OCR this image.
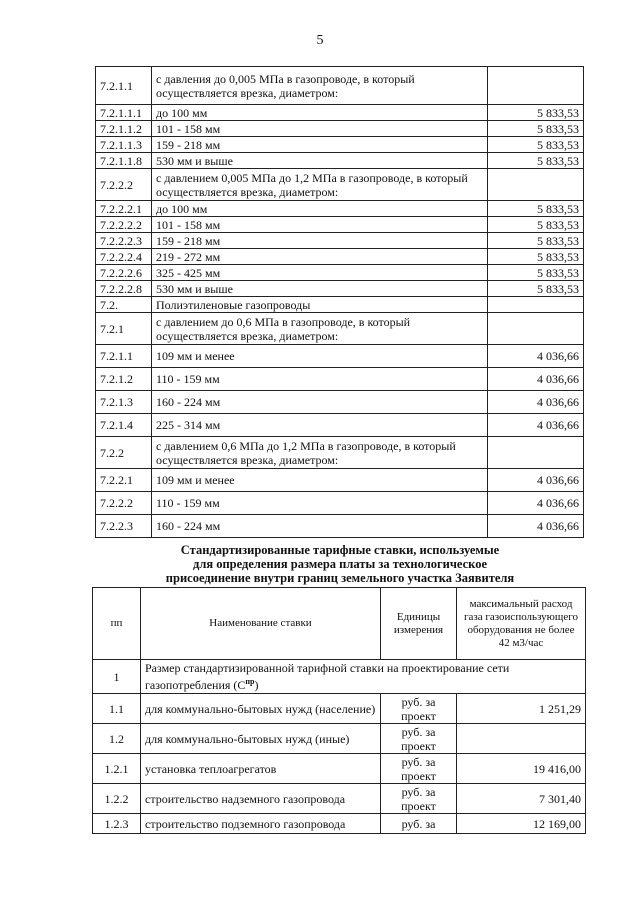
5
7.2.1.1	с давления до 0,005 МПа в газопроводе, в который осуществляется врезка, диаметром:	
7.2.1.1.1	до 100 мм	5 833,53
7.2.1.1.2	101 - 158 мм	5 833,53
7.2.1.1.3	159 - 218 мм	5 833,53
7.2.1.1.8	530 мм и выше	5 833,53
7.2.2.2	с давлением 0,005 МПа до 1,2 МПа в газопроводе, в который осуществляется врезка, диаметром:	
7.2.2.2.1	до 100 мм	5 833,53
7.2.2.2.2	101 - 158 мм	5 833,53
7.2.2.2.3	159 - 218 мм	5 833,53
7.2.2.2.4	219 - 272 мм	5 833,53
7.2.2.2.6	325 - 425 мм	5 833,53
7.2.2.2.8	530 мм и выше	5 833,53
7.2.	Полиэтиленовые газопроводы	
7.2.1	с давлением до 0,6 МПа в газопроводе, в который осуществляется врезка, диаметром:	
7.2.1.1	109 мм и менее	4 036,66
7.2.1.2	110 - 159 мм	4 036,66
7.2.1.3	160 - 224 мм	4 036,66
7.2.1.4	225 - 314 мм	4 036,66
7.2.2	с давлением 0,6 МПа до 1,2 МПа в газопроводе, в который осуществляется врезка, диаметром:	
7.2.2.1	109 мм и менее	4 036,66
7.2.2.2	110 - 159 мм	4 036,66
7.2.2.3	160 - 224 мм	4 036,66
Стандартизированные тарифные ставки, используемые
для определения размера платы за технологическое
присоединение внутри границ земельного участка Заявителя
пп	Наименование ставки	Единицы измерения	максимальный расход газа газоиспользующего оборудования не более 42 м3/час
1	Размер стандартизированной тарифной ставки на проектирование сети газопотребления $(С^{пр})$		
1.1	для коммунально-бытовых нужд (население)	руб. за проект	1 251,29
1.2	для коммунально-бытовых нужд (иные)	руб. за проект	
1.2.1	установка теплоагрегатов	руб. за проект	19 416,00
1.2.2	строительство надземного газопровода	руб. за проект	7 301,40
1.2.3	строительство подземного газопровода	руб. за	12 169,00
